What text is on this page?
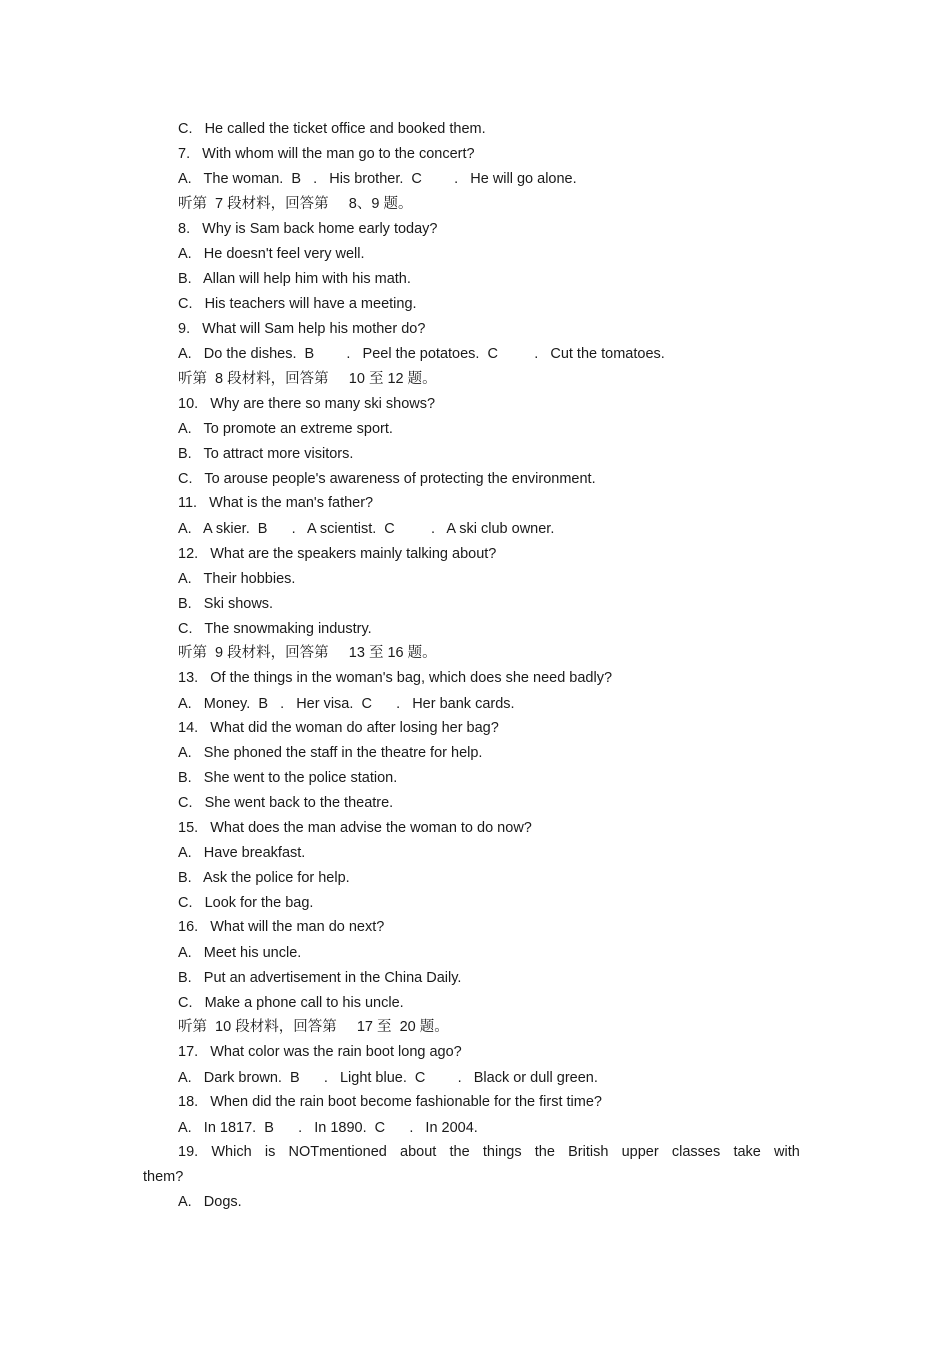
C.   He called the ticket office and booked them.
7.   With whom will the man go to the concert?
A.   The woman.  B   .   His brother.  C        .   He will go alone.
听第  7 段材料，回答第     8、9 题。
8.   Why is Sam back home early today?
A.   He doesn't feel very well.
B.   Allan will help him with his math.
C.   His teachers will have a meeting.
9.   What will Sam help his mother do?
A.   Do the dishes.  B        .   Peel the potatoes.  C         .   Cut the tomatoes.
听第  8 段材料，回答第     10 至 12 题。
10.   Why are there so many ski shows?
A.   To promote an extreme sport.
B.   To attract more visitors.
C.   To arouse people's awareness of protecting the environment.
11.   What is the man's father?
A.   A skier.  B      .   A scientist.  C         .   A ski club owner.
12.   What are the speakers mainly talking about?
A.   Their hobbies.
B.   Ski shows.
C.   The snowmaking industry.
听第  9 段材料，回答第     13 至 16 题。
13.   Of the things in the woman's bag, which does she need badly?
A.   Money.  B   .   Her visa.  C      .   Her bank cards.
14.   What did the woman do after losing her bag?
A.   She phoned the staff in the theatre for help.
B.   She went to the police station.
C.   She went back to the theatre.
15.   What does the man advise the woman to do now?
A.   Have breakfast.
B.   Ask the police for help.
C.   Look for the bag.
16.   What will the man do next?
A.   Meet his uncle.
B.   Put an advertisement in the China Daily.
C.   Make a phone call to his uncle.
听第  10 段材料，回答第     17 至  20 题。
17.   What color was the rain boot long ago?
A.   Dark brown.  B      .   Light blue.  C        .   Black or dull green.
18.   When did the rain boot become fashionable for the first time?
A.   In 1817.  B      .   In 1890.  C      .   In 2004.
19. Which is NOTmentioned about the things the British upper classes take with
them?
A.   Dogs.
